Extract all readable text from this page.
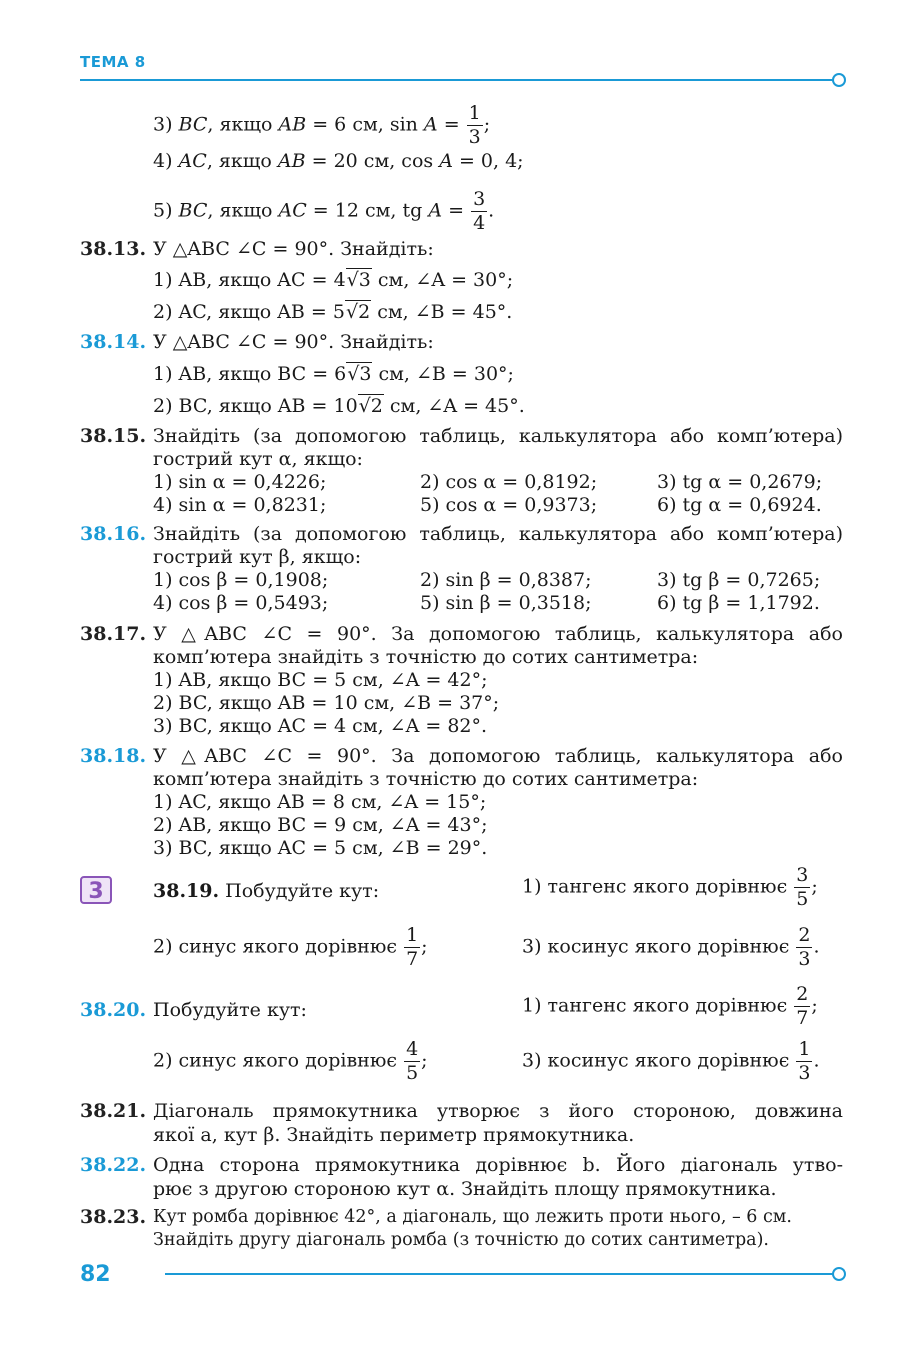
ТЕМА 8
3) BC, якщо AB = 6 см, $\sin A = \frac{1}{3}$ ;
4) AC, якщо AB = 20 см, cos A = 0, 4;
5) BC, якщо AC = 12 см, tg $A = \frac{3}{4}$ .
38.13. У △ABC ∠C = 90°. Знайдіть:
1) AB, якщо AC = 4√3 см, ∠A = 30°;
2) AC, якщо AB = 5√2 см, ∠B = 45°.
38.14. У △ABC ∠C = 90°. Знайдіть:
1) AB, якщо BC = 6√3 см, ∠B = 30°;
2) BC, якщо AB = 10√2 см, ∠A = 45°.
38.15. Знайдіть (за допомогою таблиць, калькулятора або комп’ютера)
гострий кут α, якщо:
1) sin α = 0,4226;	2) cos α = 0,8192;	3) tg α = 0,2679;
4) sin α = 0,8231;	5) cos α = 0,9373;	6) tg α = 0,6924.
38.16. Знайдіть (за допомогою таблиць, калькулятора або комп’ютера)
гострий кут β, якщо:
1) cos β = 0,1908;	2) sin β = 0,8387;	3) tg β = 0,7265;
4) cos β = 0,5493;	5) sin β = 0,3518;	6) tg β = 1,1792.
38.17. У △ABC ∠C = 90°. За допомогою таблиць, калькулятора або
комп’ютера знайдіть з точністю до сотих сантиметра:
1) AB, якщо BC = 5 см, ∠A = 42°;
2) BC, якщо AB = 10 см, ∠B = 37°;
3) BC, якщо AC = 4 см, ∠A = 82°.
38.18. У △ABC ∠C = 90°. За допомогою таблиць, калькулятора або
комп’ютера знайдіть з точністю до сотих сантиметра:
1) AC, якщо AB = 8 см, ∠A = 15°;
2) AB, якщо BC = 9 см, ∠A = 43°;
3) BC, якщо AC = 5 см, ∠B = 29°.
3	38.19. Побудуйте кут:	1) тангенс якого дорівнює $\frac{3}{5}$ ;
2) синус якого дорівнює $\frac{1}{7}$ ;	3) косинус якого дорівнює $\frac{2}{3}$ .
38.20. Побудуйте кут:	1) тангенс якого дорівнює $\frac{2}{7}$ ;
2) синус якого дорівнює $\frac{4}{5}$ ;	3) косинус якого дорівнює $\frac{1}{3}$ .
38.21. Діагональ прямокутника утворює з його стороною, довжина
якої a, кут β. Знайдіть периметр прямокутника.
38.22. Одна сторона прямокутника дорівнює b. Його діагональ утво-
рює з другою стороною кут α. Знайдіть площу прямокутника.
38.23. Кут ромба дорівнює 42°, а діагональ, що лежить проти нього, – 6 см.
Знайдіть другу діагональ ромба (з точністю до сотих сантиметра).
82
